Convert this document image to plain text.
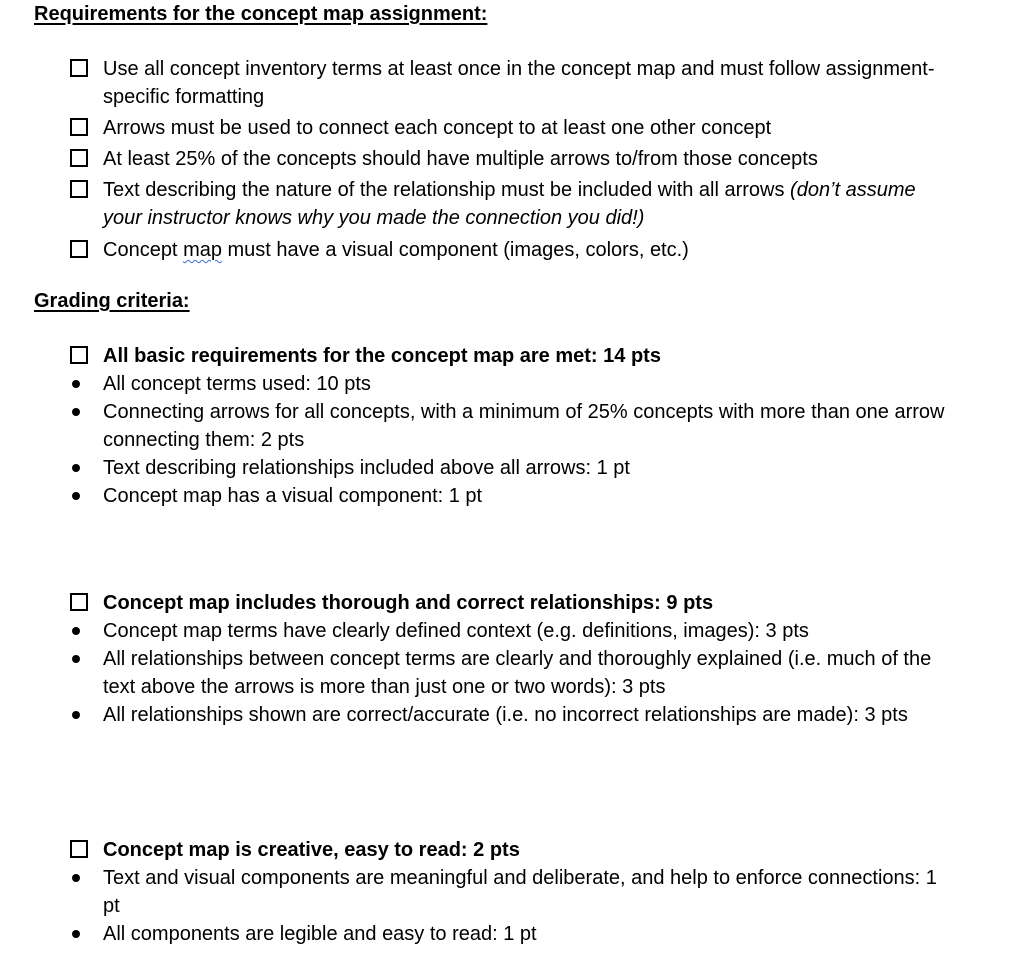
Requirements for the concept map assignment:
Use all concept inventory terms at least once in the concept map and must follow assignment-specific formatting
Arrows must be used to connect each concept to at least one other concept
At least 25% of the concepts should have multiple arrows to/from those concepts
Text describing the nature of the relationship must be included with all arrows (don’t assume your instructor knows why you made the connection you did!)
Concept map must have a visual component (images, colors, etc.)
Grading criteria:
All basic requirements for the concept map are met: 14 pts
All concept terms used: 10 pts
Connecting arrows for all concepts, with a minimum of 25% concepts with more than one arrow connecting them: 2 pts
Text describing relationships included above all arrows: 1 pt
Concept map has a visual component: 1 pt
Concept map includes thorough and correct relationships: 9 pts
Concept map terms have clearly defined context (e.g. definitions, images): 3 pts
All relationships between concept terms are clearly and thoroughly explained (i.e. much of the text above the arrows is more than just one or two words): 3 pts
All relationships shown are correct/accurate (i.e. no incorrect relationships are made): 3 pts
Concept map is creative, easy to read: 2 pts
Text and visual components are meaningful and deliberate, and help to enforce connections: 1 pt
All components are legible and easy to read: 1 pt
